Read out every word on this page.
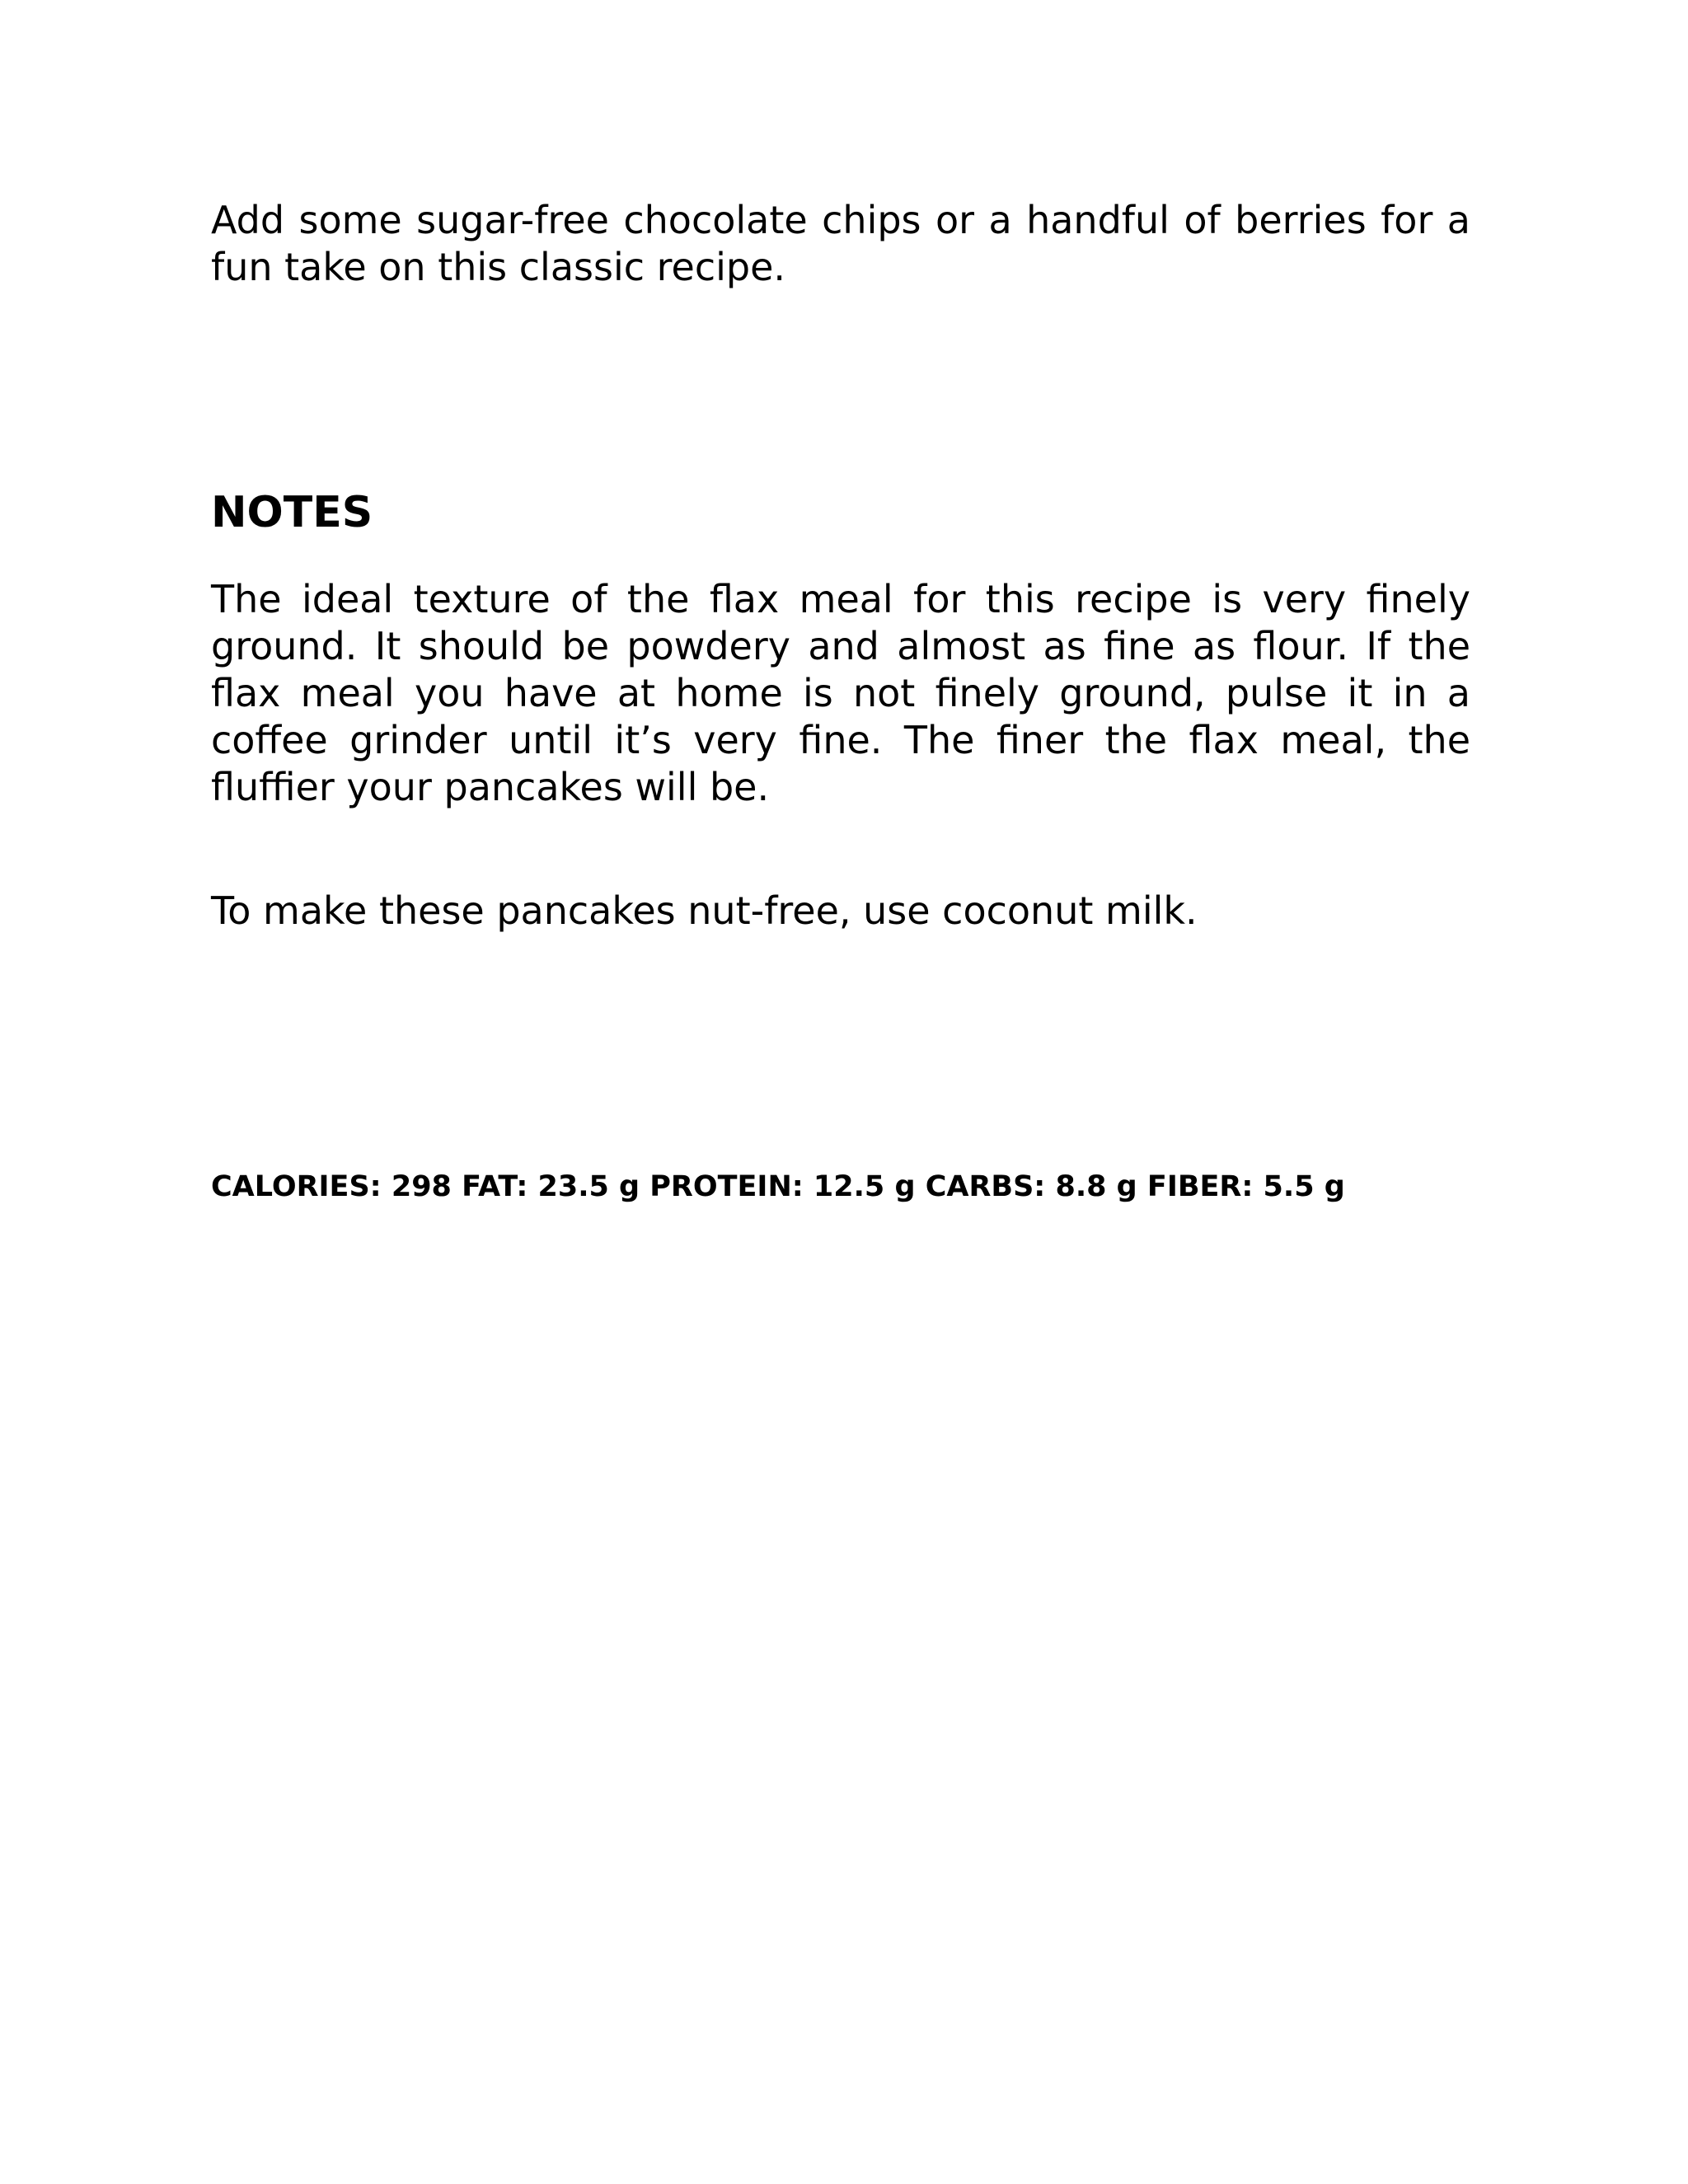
Add some sugar-free chocolate chips or a handful of berries for a fun take on this classic recipe.

NOTES

The ideal texture of the flax meal for this recipe is very finely ground. It should be powdery and almost as fine as flour. If the flax meal you have at home is not finely ground, pulse it in a coffee grinder until it’s very fine. The finer the flax meal, the fluffier your pancakes will be.

To make these pancakes nut-free, use coconut milk.

CALORIES: 298 FAT: 23.5 g PROTEIN: 12.5 g CARBS: 8.8 g FIBER: 5.5 g
